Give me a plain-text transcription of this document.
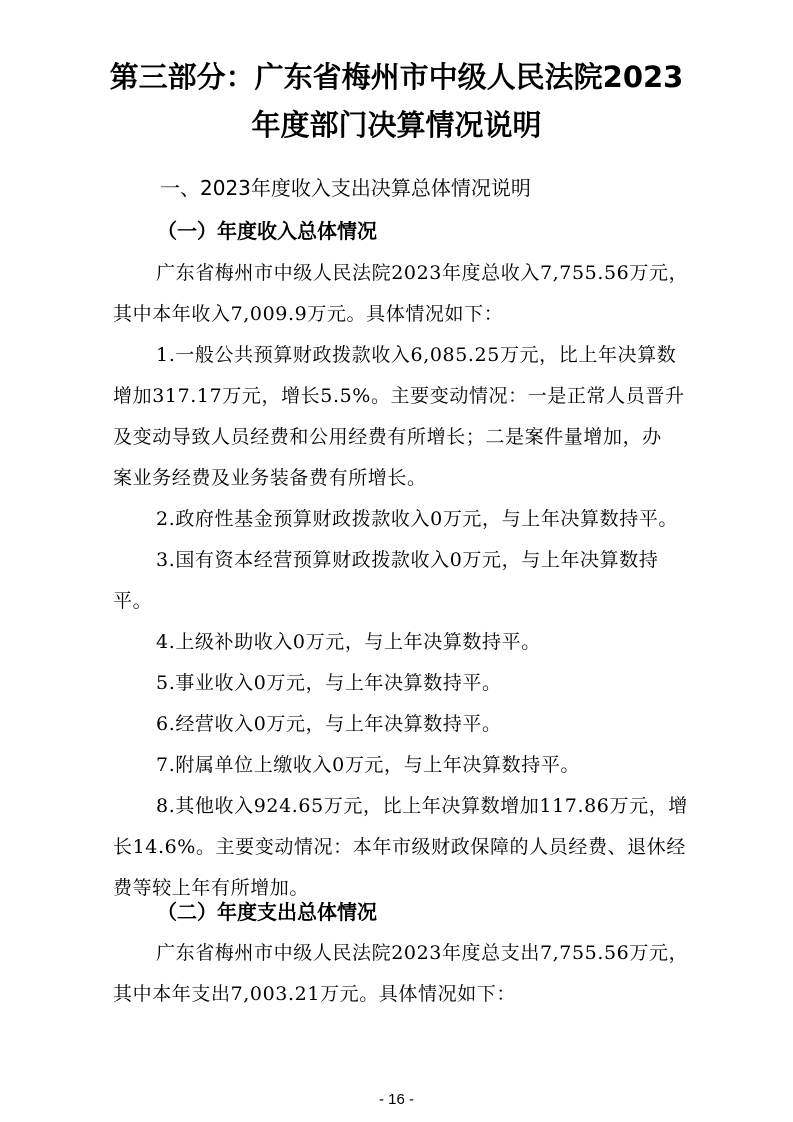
第三部分：广东省梅州市中级人民法院2023
年度部门决算情况说明
一、2023年度收入支出决算总体情况说明
（一）年度收入总体情况
广东省梅州市中级人民法院2023年度总收入7,755.56万元，
其中本年收入7,009.9万元。具体情况如下：
1.一般公共预算财政拨款收入6,085.25万元，比上年决算数
增加317.17万元，增长5.5%。主要变动情况：一是正常人员晋升
及变动导致人员经费和公用经费有所增长；二是案件量增加，办
案业务经费及业务装备费有所增长。
2.政府性基金预算财政拨款收入0万元，与上年决算数持平。
3.国有资本经营预算财政拨款收入0万元，与上年决算数持
平。
4.上级补助收入0万元，与上年决算数持平。
5.事业收入0万元，与上年决算数持平。
6.经营收入0万元，与上年决算数持平。
7.附属单位上缴收入0万元，与上年决算数持平。
8.其他收入924.65万元，比上年决算数增加117.86万元，增
长14.6%。主要变动情况：本年市级财政保障的人员经费、退休经
费等较上年有所增加。
（二）年度支出总体情况
广东省梅州市中级人民法院2023年度总支出7,755.56万元，
其中本年支出7,003.21万元。具体情况如下：
- 16 -
